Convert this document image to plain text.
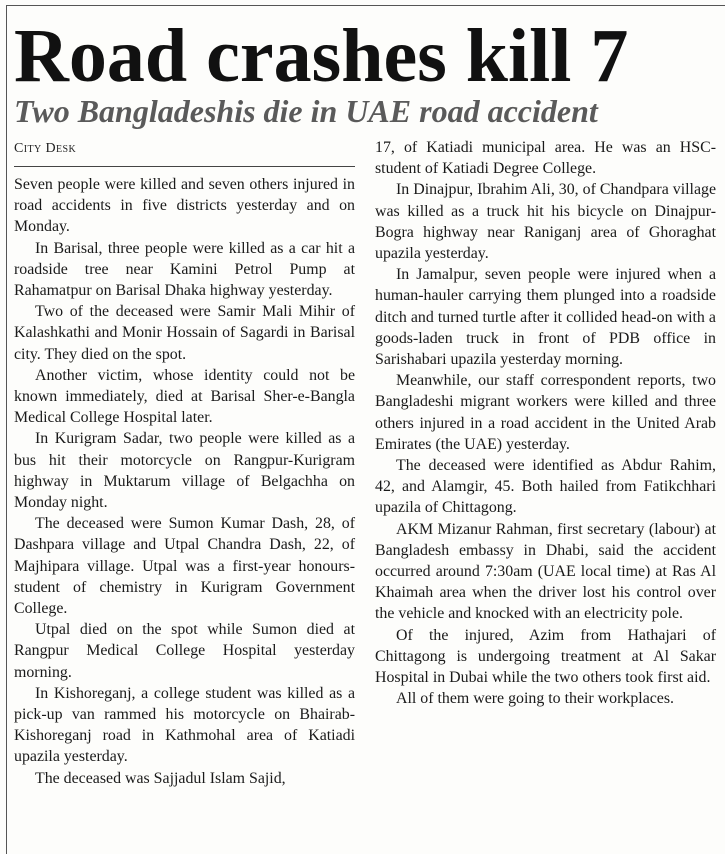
Road crashes kill 7
Two Bangladeshis die in UAE road accident
City Desk

Seven people were killed and seven others injured in road accidents in five districts yesterday and on Monday.

In Barisal, three people were killed as a car hit a roadside tree near Kamini Petrol Pump at Rahamatpur on Barisal Dhaka highway yesterday.

Two of the deceased were Samir Mali Mihir of Kalashkathi and Monir Hossain of Sagardi in Barisal city. They died on the spot.

Another victim, whose identity could not be known immediately, died at Barisal Sher-e-Bangla Medical College Hospital later.

In Kurigram Sadar, two people were killed as a bus hit their motorcycle on Rangpur-Kurigram highway in Muktarum village of Belgachha on Monday night.

The deceased were Sumon Kumar Dash, 28, of Dashpara village and Utpal Chandra Dash, 22, of Majhipara village. Utpal was a first-year honours-student of chemistry in Kurigram Government College.

Utpal died on the spot while Sumon died at Rangpur Medical College Hospital yesterday morning.

In Kishoreganj, a college student was killed as a pick-up van rammed his motorcycle on Bhairab-Kishoreganj road in Kathmohal area of Katiadi upazila yesterday.

The deceased was Sajjadul Islam Sajid,

17, of Katiadi municipal area. He was an HSC-student of Katiadi Degree College.

In Dinajpur, Ibrahim Ali, 30, of Chandpara village was killed as a truck hit his bicycle on Dinajpur-Bogra highway near Raniganj area of Ghoraghat upazila yesterday.

In Jamalpur, seven people were injured when a human-hauler carrying them plunged into a roadside ditch and turned turtle after it collided head-on with a goods-laden truck in front of PDB office in Sarishabari upazila yesterday morning.

Meanwhile, our staff correspondent reports, two Bangladeshi migrant workers were killed and three others injured in a road accident in the United Arab Emirates (the UAE) yesterday.

The deceased were identified as Abdur Rahim, 42, and Alamgir, 45. Both hailed from Fatikchhari upazila of Chittagong.

AKM Mizanur Rahman, first secretary (labour) at Bangladesh embassy in Dhabi, said the accident occurred around 7:30am (UAE local time) at Ras Al Khaimah area when the driver lost his control over the vehicle and knocked with an electricity pole.

Of the injured, Azim from Hathajari of Chittagong is undergoing treatment at Al Sakar Hospital in Dubai while the two others took first aid.

All of them were going to their workplaces.
